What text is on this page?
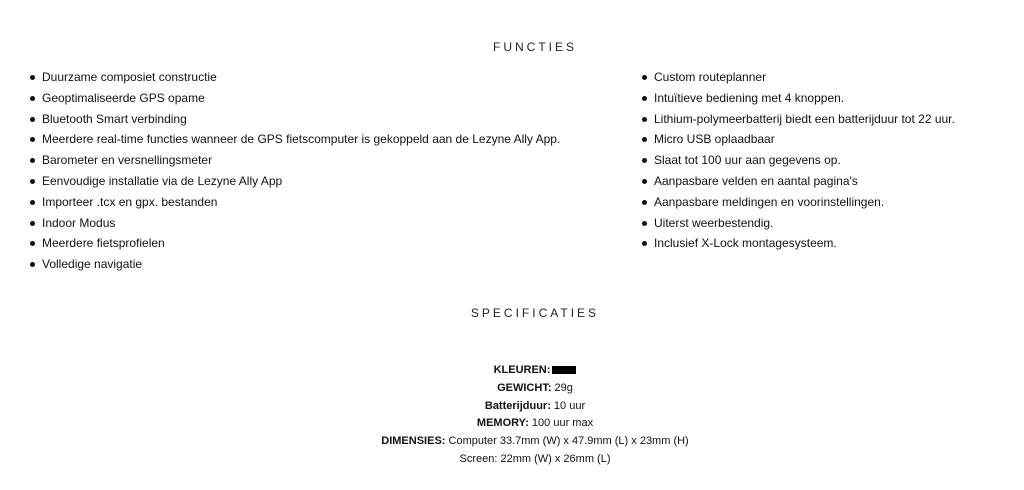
FUNCTIES
Duurzame composiet constructie
Geoptimaliseerde GPS opame
Bluetooth Smart verbinding
Meerdere real-time functies wanneer de GPS fietscomputer is gekoppeld aan de Lezyne Ally App.
Barometer en versnellingsmeter
Eenvoudige installatie via de Lezyne Ally App
Importeer .tcx en gpx. bestanden
Indoor Modus
Meerdere fietsprofielen
Volledige navigatie
Custom routeplanner
Intuïtieve bediening met 4 knoppen.
Lithium-polymeerbatterij biedt een batterijduur tot 22 uur.
Micro USB oplaadbaar
Slaat tot 100 uur aan gegevens op.
Aanpasbare velden en aantal pagina's
Aanpasbare meldingen en voorinstellingen.
Uiterst weerbestendig.
Inclusief X-Lock montagesysteem.
SPECIFICATIES
KLEUREN:
GEWICHT: 29g
Batterijduur: 10 uur
MEMORY: 100 uur max
DIMENSIES: Computer 33.7mm (W) x 47.9mm (L) x 23mm (H)
Screen: 22mm (W) x 26mm (L)
